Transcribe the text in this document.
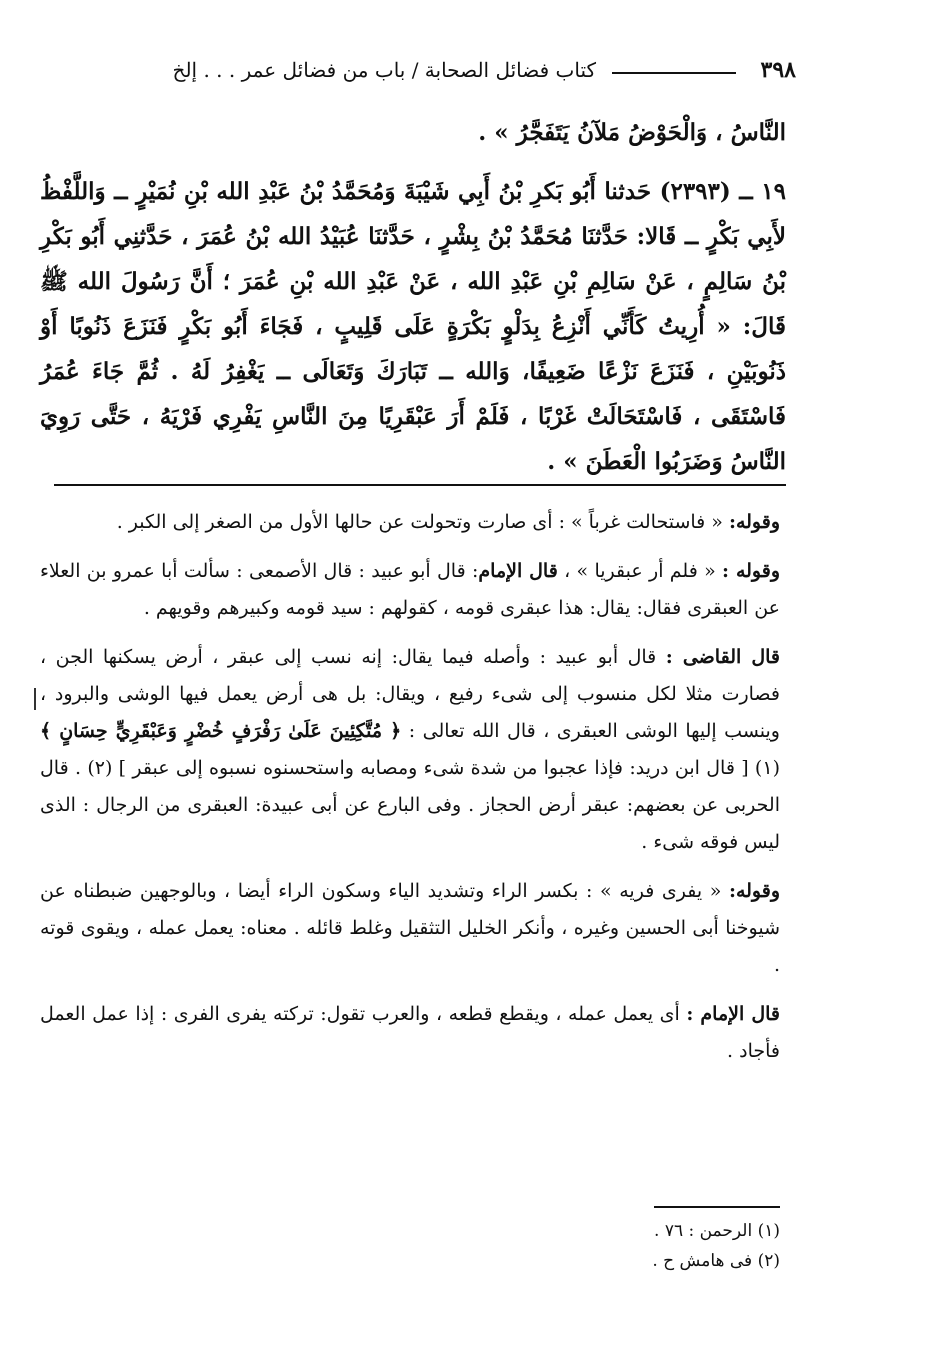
٣٩٨
كتاب فضائل الصحابة / باب من فضائل عمر . . . إلخ

النَّاسُ ، وَالْحَوْضُ مَلآنُ يَتَفَجَّرُ » .

١٩ ــ (٢٣٩٣) حَدثنا أَبُو بَكرِ بْنُ أَبِي شَيْبَةَ وَمُحَمَّدُ بْنُ عَبْدِ الله بْنِ نُمَيْرٍ ــ وَاللَّفْظُ لأَبِي بَكْرٍ ــ قَالا: حَدَّثنَا مُحَمَّدُ بْنُ بِشْرٍ ، حَدَّثنَا عُبَيْدُ الله بْنُ عُمَرَ ، حَدَّثنِي أَبُو بَكْرِ بْنُ سَالِمٍ ، عَنْ سَالِمِ بْنِ عَبْدِ الله ، عَنْ عَبْدِ الله بْنِ عُمَرَ ؛ أَنَّ رَسُولَ الله ﷺ قَالَ: « أُرِيتُ كَأَنِّي أَنْزِعُ بِدَلْوٍ بَكْرَةٍ عَلَى قَلِيبٍ ، فَجَاءَ أَبُو بَكْرٍ فَنَزَعَ ذَنُوبًا أَوْ ذَنُوبَيْنِ ، فَنَزَعَ نَزْعًا ضَعِيفًا، وَالله ــ تَبَارَكَ وَتَعَالَى ــ يَغْفِرُ لَهُ . ثُمَّ جَاءَ عُمَرُ فَاسْتَقَى ، فَاسْتَحَالَتْ غَرْبًا ، فَلَمْ أَرَ عَبْقَرِيًا مِنَ النَّاسِ يَفْرِي فَرْيَهُ ، حَتَّى رَوِيَ النَّاسُ وَضَرَبُوا الْعَطَنَ » .

وقوله: « فاستحالت غرباً » : أى صارت وتحولت عن حالها الأول من الصغر إلى الكبر .

وقوله : « فلم أر عبقريا » ، قال الإمام: قال أبو عبيد : قال الأصمعى : سألت أبا عمرو بن العلاء عن العبقرى فقال: يقال: هذا عبقرى قومه ، كقولهم : سيد قومه وكبيرهم وقويهم .

قال القاضى : قال أبو عبيد : وأصله فيما يقال: إنه نسب إلى عبقر ، أرض يسكنها الجن ، فصارت مثلا لكل منسوب إلى شىء رفيع ، ويقال: بل هى أرض يعمل فيها الوشى والبرود ، وينسب إليها الوشى العبقرى ، قال الله تعالى : ﴿ مُتَّكِئِينَ عَلَىٰ رَفْرَفٍ خُضْرٍ وَعَبْقَرِيٍّ حِسَانٍ ﴾ (١) [ قال ابن دريد: فإذا عجبوا من شدة شىء ومصابه واستحسنوه نسبوه إلى عبقر ] (٢) . قال الحربى عن بعضهم: عبقر أرض الحجاز . وفى البارع عن أبى عبيدة: العبقرى من الرجال : الذى ليس فوقه شىء .

وقوله: « يفرى فريه » : بكسر الراء وتشديد الياء وسكون الراء أيضا ، وبالوجهين ضبطناه عن شيوخنا أبى الحسين وغيره ، وأنكر الخليل التثقيل وغلط قائله . معناه: يعمل عمله ، ويقوى قوته .

قال الإمام : أى يعمل عمله ، ويقطع قطعه ، والعرب تقول: تركته يفرى الفرى : إذا عمل العمل فأجاد .

(١) الرحمن : ٧٦ .
(٢) فى هامش ح .
